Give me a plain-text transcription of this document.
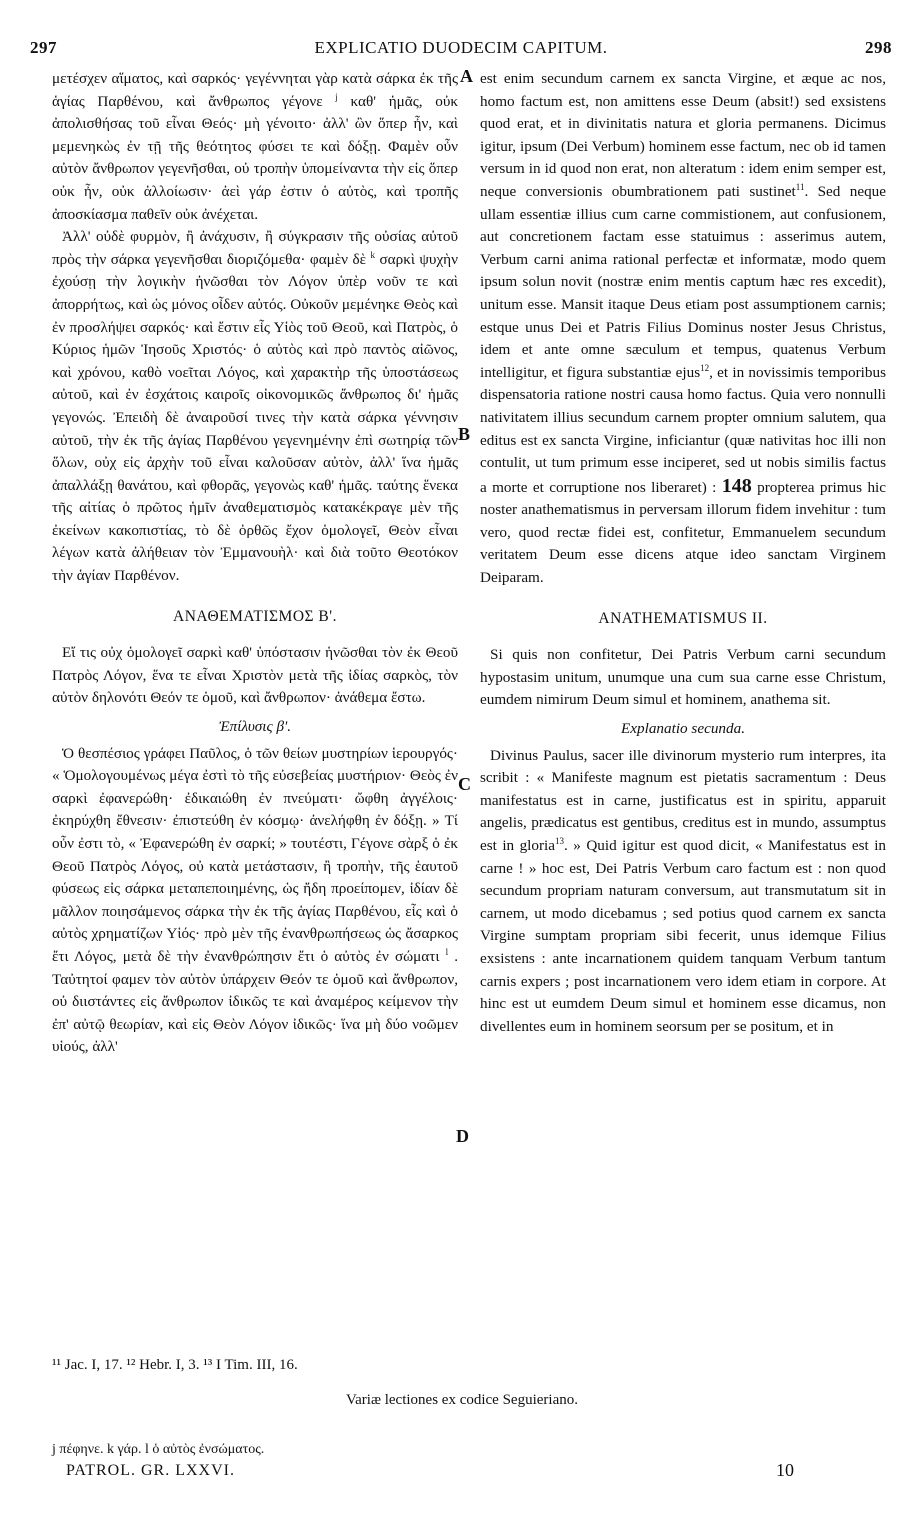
297	EXPLICATIO DUODECIM CAPITUM.	298
A
B
C
D

μετέσχεν αἵματος, καὶ σαρκός· γεγέννηται γὰρ κατὰ σάρκα ἐκ τῆς ἁγίας Παρθένου, καὶ ἄνθρωπος γέγονε $^j$ καθ' ἡμᾶς, οὐκ ἀπολισθήσας τοῦ εἶναι Θεός· μὴ γένοιτο· ἀλλ' ὢν ὅπερ ἦν, καὶ μεμενηκὼς ἐν τῇ τῆς θεότητος φύσει τε καὶ δόξῃ. Φαμὲν οὖν αὐτὸν ἄνθρωπον γεγενῆσθαι, οὐ τροπὴν ὑπομείναντα τὴν εἰς ὅπερ οὐκ ἦν, οὐκ ἀλλοίωσιν· ἀεὶ γάρ ἐστιν ὁ αὐτὸς, καὶ τροπῆς ἀποσκίασμα παθεῖν οὐκ ἀνέχεται.

Ἀλλ' οὐδὲ φυρμὸν, ἢ ἀνάχυσιν, ἢ σύγκρασιν τῆς οὐσίας αὐτοῦ πρὸς τὴν σάρκα γεγενῆσθαι διοριζόμεθα· φαμὲν δὲ $^k$ σαρκὶ ψυχὴν ἐχούσῃ τὴν λογικὴν ἡνῶσθαι τὸν Λόγον ὑπὲρ νοῦν τε καὶ ἀπορρήτως, καὶ ὡς μόνος οἶδεν αὐτός. Οὐκοῦν μεμένηκε Θεὸς καὶ ἐν προσλήψει σαρκός· καὶ ἔστιν εἷς Υἱὸς τοῦ Θεοῦ, καὶ Πατρὸς, ὁ Κύριος ἡμῶν Ἰησοῦς Χριστός· ὁ αὐτὸς καὶ πρὸ παντὸς αἰῶνος, καὶ χρόνου, καθὸ νοεῖται Λόγος, καὶ χαρακτὴρ τῆς ὑποστάσεως αὐτοῦ, καὶ ἐν ἐσχάτοις καιροῖς οἰκονομικῶς ἄνθρωπος δι' ἡμᾶς γεγονώς. Ἐπειδὴ δὲ ἀναιροῦσί τινες τὴν κατὰ σάρκα γέννησιν αὐτοῦ, τὴν ἐκ τῆς ἁγίας Παρθένου γεγενημένην ἐπὶ σωτηρίᾳ τῶν ὅλων, οὐχ εἰς ἀρχὴν τοῦ εἶναι καλοῦσαν αὐτὸν, ἀλλ' ἵνα ἡμᾶς ἀπαλλάξῃ θανάτου, καὶ φθορᾶς, γεγονὼς καθ' ἡμᾶς. ταύτης ἕνεκα τῆς αἰτίας ὁ πρῶτος ἡμῖν ἀναθεματισμὸς κατακέκραγε μὲν τῆς ἐκείνων κακοπιστίας, τὸ δὲ ὀρθῶς ἔχον ὁμολογεῖ, Θεὸν εἶναι λέγων κατὰ ἀλήθειαν τὸν Ἐμμανουὴλ· καὶ διὰ τοῦτο Θεοτόκον τὴν ἁγίαν Παρθένον.

ΑΝΑΘΕΜΑΤΙΣΜΟΣ Β'.

Εἴ τις οὐχ ὁμολογεῖ σαρκὶ καθ' ὑπόστασιν ἡνῶσθαι τὸν ἐκ Θεοῦ Πατρὸς Λόγον, ἕνα τε εἶναι Χριστὸν μετὰ τῆς ἰδίας σαρκὸς, τὸν αὐτὸν δηλονότι Θεόν τε ὁμοῦ, καὶ ἄνθρωπον· ἀνάθεμα ἔστω.

Ἐπίλυσις β'.

Ὁ θεσπέσιος γράφει Παῦλος, ὁ τῶν θείων μυστηρίων ἱερουργός· « Ὁμολογουμένως μέγα ἐστὶ τὸ τῆς εὐσεβείας μυστήριον· Θεὸς ἐν σαρκὶ ἐφανερώθη· ἐδικαιώθη ἐν πνεύματι· ὤφθη ἀγγέλοις· ἐκηρύχθη ἔθνεσιν· ἐπιστεύθη ἐν κόσμῳ· ἀνελήφθη ἐν δόξῃ. » Τί οὖν ἐστι τὸ, « Ἐφανερώθη ἐν σαρκί; » τουτέστι, Γέγονε σὰρξ ὁ ἐκ Θεοῦ Πατρὸς Λόγος, οὐ κατὰ μετάστασιν, ἢ τροπὴν, τῆς ἑαυτοῦ φύσεως εἰς σάρκα μεταπεποιημένης, ὡς ἤδη προείπομεν, ἰδίαν δὲ μᾶλλον ποιησάμενος σάρκα τὴν ἐκ τῆς ἁγίας Παρθένου, εἷς καὶ ὁ αὐτὸς χρηματίζων Υἱός· πρὸ μὲν τῆς ἐνανθρωπήσεως ὡς ἄσαρκος ἔτι Λόγος, μετὰ δὲ τὴν ἐνανθρώπησιν ἔτι ὁ αὐτὸς ἐν σώματι $^l$ . Ταὐτητοί φαμεν τὸν αὐτὸν ὑπάρχειν Θεόν τε ὁμοῦ καὶ ἄνθρωπον, οὐ διιστάντες εἰς ἄνθρωπον ἰδικῶς τε καὶ ἀναμέρος κείμενον τὴν ἐπ' αὐτῷ θεωρίαν, καὶ εἰς Θεὸν Λόγον ἰδικῶς· ἵνα μὴ δύο νοῶμεν υἱούς, ἀλλ'

est enim secundum carnem ex sancta Virgine, et æque ac nos, homo factum est, non amittens esse Deum (absit!) sed exsistens quod erat, et in divinitatis natura et gloria permanens. Dicimus igitur, ipsum (Dei Verbum) hominem esse factum, nec ob id tamen versum in id quod non erat, non alteratum : idem enim semper est, neque conversionis obumbrationem pati sustinet$^{11}$. Sed neque ullam essentiæ illius cum carne commistionem, aut confusionem, aut concretionem factam esse statuimus : asserimus autem, Verbum carni anima rational perfectæ et informatæ, modo quem ipsum solun novit (nostræ enim mentis captum hæc res excedit), unitum esse. Mansit itaque Deus etiam post assumptionem carnis; estque unus Dei et Patris Filius Dominus noster Jesus Christus, idem et ante omne sæculum et tempus, quatenus Verbum intelligitur, et figura substantiæ ejus$^{12}$, et in novissimis temporibus dispensatoria ratione nostri causa homo factus. Quia vero nonnulli nativitatem illius secundum carnem propter omnium salutem, qua editus est ex sancta Virgine, inficiantur (quæ nativitas hoc illi non contulit, ut tum primum esse inciperet, sed ut nobis similis factus a morte et corruptione nos liberaret) : 148 propterea primus hic noster anathematismus in perversam illorum fidem invehitur : tum vero, quod rectæ fidei est, confitetur, Emmanuelem secundum veritatem Deum esse dicens atque ideo sanctam Virginem Deiparam.

ANATHEMATISMUS II.

Si quis non confitetur, Dei Patris Verbum carni secundum hypostasim unitum, unumque una cum sua carne esse Christum, eumdem nimirum Deum simul et hominem, anathema sit.

Explanatio secunda.

Divinus Paulus, sacer ille divinorum mysterio rum interpres, ita scribit : « Manifeste magnum est pietatis sacramentum : Deus manifestatus est in carne, justificatus est in spiritu, apparuit angelis, prædicatus est gentibus, creditus est in mundo, assumptus est in gloria$^{13}$. » Quid igitur est quod dicit, « Manifestatus est in carne ! » hoc est, Dei Patris Verbum caro factum est : non quod secundum propriam naturam conversum, aut transmutatum sit in carnem, ut modo dicebamus ; sed potius quod carnem ex sancta Virgine sumptam propriam sibi fecerit, unus idemque Filius exsistens : ante incarnationem quidem tanquam Verbum tantum carnis expers ; post incarnationem vero idem etiam in corpore. At hinc est ut eumdem Deum simul et hominem esse dicamus, non divellentes eum in hominem seorsum per se positum, et in

¹¹ Jac. I, 17. ¹² Hebr. I, 3. ¹³ I Tim. III, 16.
Variæ lectiones ex codice Seguieriano.
j πέφηνε. k γάρ. l ὁ αὐτὸς ἐνσώματος.
PATROL. GR. LXXVI.	10
